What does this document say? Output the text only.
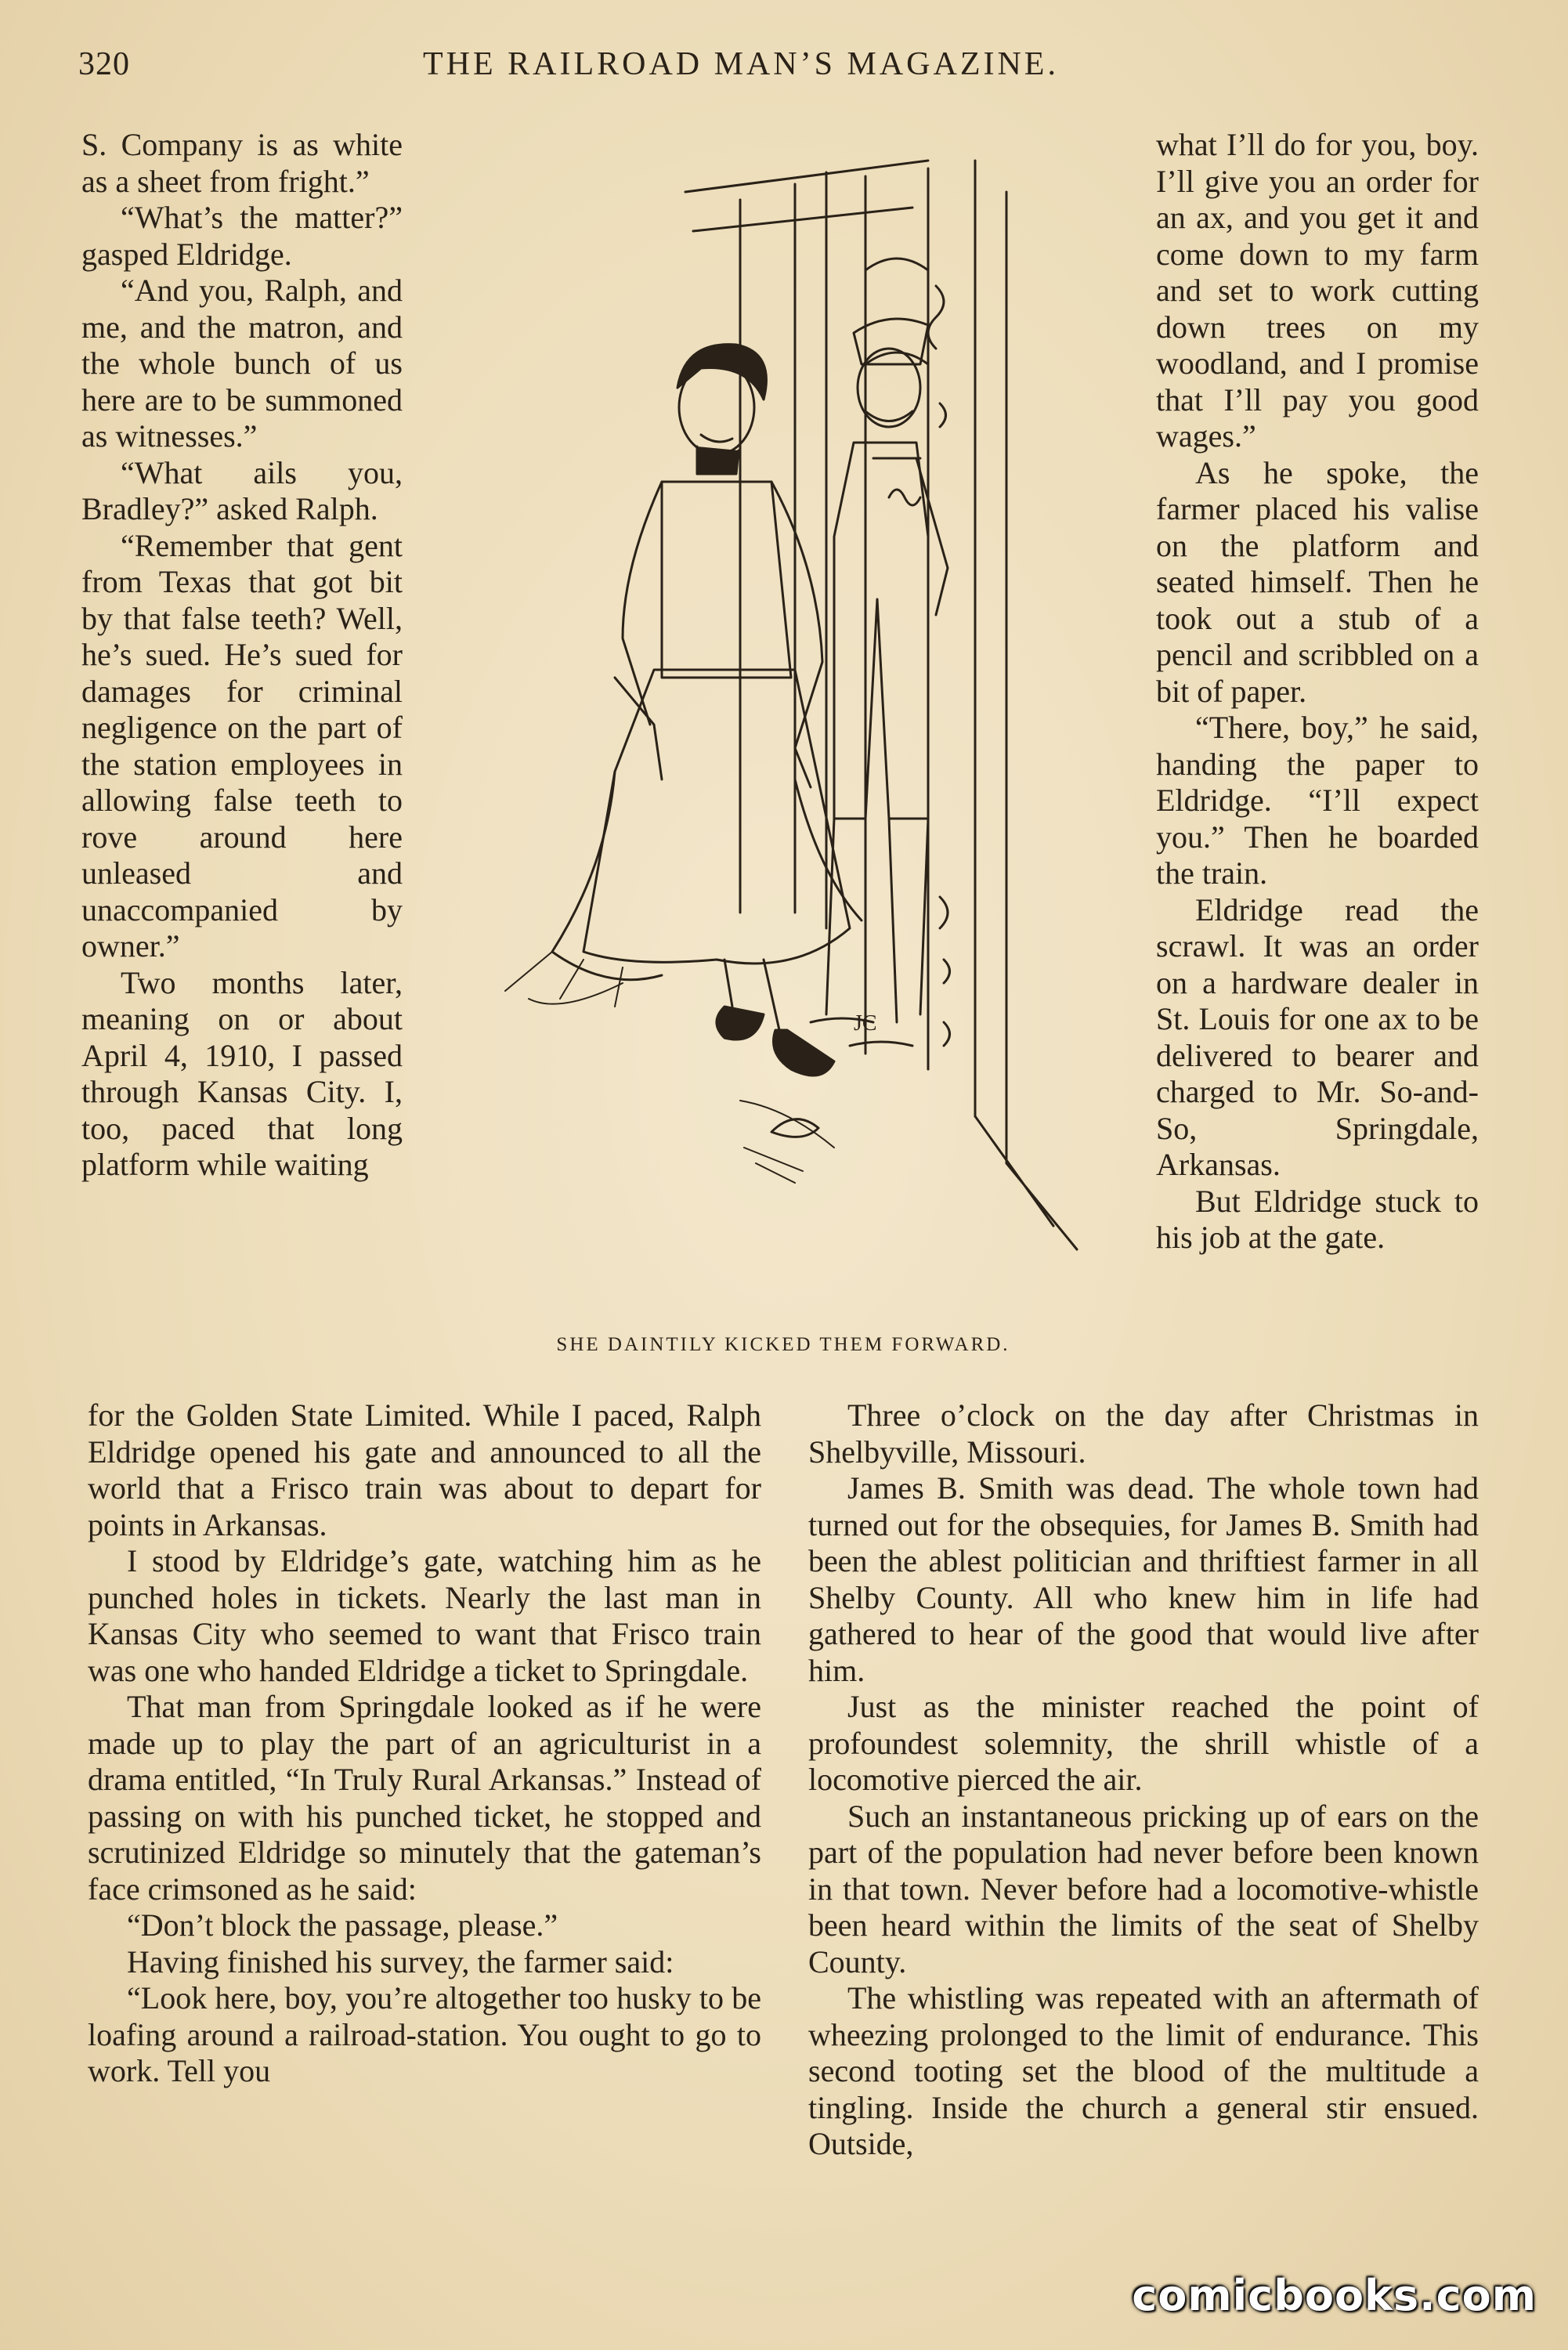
320	THE RAILROAD MAN’S MAGAZINE.

S. Company is as white as a sheet from fright.”

“What’s the matter?” gasped Eldridge.

“And you, Ralph, and me, and the matron, and the whole bunch of us here are to be summoned as witnesses.”

“What ails you, Bradley?” asked Ralph.

“Remember that gent from Texas that got bit by that false teeth? Well, he’s sued. He’s sued for damages for criminal negligence on the part of the station employees in allowing false teeth to rove around here unleased and unaccompanied by owner.”

Two months later, meaning on or about April 4, 1910, I passed through Kansas City. I, too, paced that long platform while waiting

JC
SHE DAINTILY KICKED THEM FORWARD.

what I’ll do for you, boy. I’ll give you an order for an ax, and you get it and come down to my farm and set to work cutting down trees on my woodland, and I promise that I’ll pay you good wages.”

As he spoke, the farmer placed his valise on the platform and seated himself. Then he took out a stub of a pencil and scribbled on a bit of paper.

“There, boy,” he said, handing the paper to Eldridge. “I’ll expect you.” Then he boarded the train.

Eldridge read the scrawl. It was an order on a hardware dealer in St. Louis for one ax to be delivered to bearer and charged to Mr. So-and-So, Springdale, Arkansas.

But Eldridge stuck to his job at the gate.

for the Golden State Limited. While I paced, Ralph Eldridge opened his gate and announced to all the world that a Frisco train was about to depart for points in Arkansas.

I stood by Eldridge’s gate, watching him as he punched holes in tickets. Nearly the last man in Kansas City who seemed to want that Frisco train was one who handed Eldridge a ticket to Springdale.

That man from Springdale looked as if he were made up to play the part of an agriculturist in a drama entitled, “In Truly Rural Arkansas.” Instead of passing on with his punched ticket, he stopped and scrutinized Eldridge so minutely that the gateman’s face crimsoned as he said:

“Don’t block the passage, please.”

Having finished his survey, the farmer said:

“Look here, boy, you’re altogether too husky to be loafing around a railroad-station. You ought to go to work. Tell you

Three o’clock on the day after Christmas in Shelbyville, Missouri.

James B. Smith was dead. The whole town had turned out for the obsequies, for James B. Smith had been the ablest politician and thriftiest farmer in all Shelby County. All who knew him in life had gathered to hear of the good that would live after him.

Just as the minister reached the point of profoundest solemnity, the shrill whistle of a locomotive pierced the air.

Such an instantaneous pricking up of ears on the part of the population had never before been known in that town. Never before had a locomotive-whistle been heard within the limits of the seat of Shelby County.

The whistling was repeated with an aftermath of wheezing prolonged to the limit of endurance. This second tooting set the blood of the multitude a tingling. Inside the church a general stir ensued. Outside,

comicbooks.com
